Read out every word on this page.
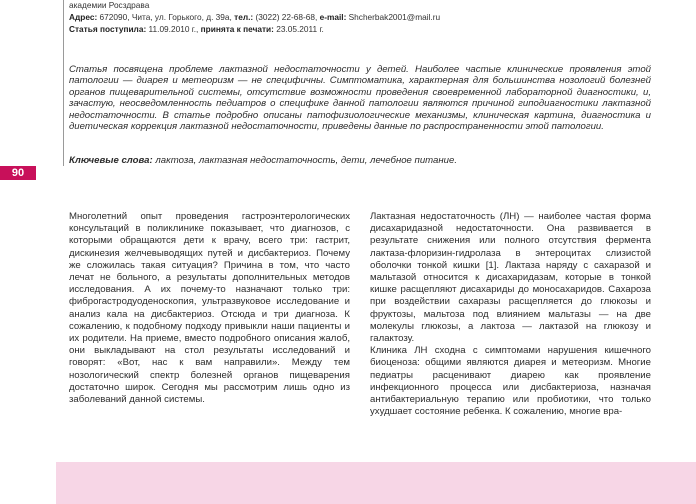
академии Росздрава
Адрес: 672090, Чита, ул. Горького, д. 39а, тел.: (3022) 22-68-68, e-mail: Shcherbak2001@mail.ru
Статья поступила: 11.09.2010 г., принята к печати: 23.05.2011 г.
90
Статья посвящена проблеме лактазной недостаточности у детей. Наиболее частые клинические проявления этой патологии — диарея и метеоризм — не специфичны. Симптоматика, характерная для большинства нозологий болезней органов пищеварительной системы, отсутствие возможности проведения своевременной лабораторной диагностики, и, зачастую, неосведомленность педиатров о специфике данной патологии являются причиной гиподиагностики лактазной недостаточности. В статье подробно описаны патофизиологические механизмы, клиническая картина, диагностика и диетическая коррекция лактазной недостаточности, приведены данные по распространенности этой патологии.
Ключевые слова: лактоза, лактазная недостаточность, дети, лечебное питание.

Многолетний опыт проведения гастроэнтерологических консультаций в поликлинике показывает, что диагнозов, с которыми обращаются дети к врачу, всего три: гастрит, дискинезия желчевыводящих путей и дисбактериоз. Почему же сложилась такая ситуация? Причина в том, что часто лечат не больного, а результаты дополнительных методов исследования. А их почему-то назначают только три: фиброгастродуоденоскопия, ультразвуковое исследование и анализ кала на дисбактериоз. Отсюда и три диагноза. К сожалению, к подобному подходу привыкли наши пациенты и их родители. На приеме, вместо подробного описания жалоб, они выкладывают на стол результаты исследований и говорят: «Вот, нас к вам направили». Между тем нозологический спектр болезней органов пищеварения достаточно широк. Сегодня мы рассмотрим лишь одно из заболеваний данной системы.

Лактазная недостаточность (ЛН) — наиболее частая форма дисахаридазной недостаточности. Она развивается в результате снижения или полного отсутствия фермента лактаза-флоризин-гидролаза в энтероцитах слизистой оболочки тонкой кишки [1]. Лактаза наряду с сахаразой и мальтазой относится к дисахаридазам, которые в тонкой кишке расщепляют дисахариды до моносахаридов. Сахароза при воздействии сахаразы расщепляется до глюкозы и фруктозы, мальтоза под влиянием мальтазы — на две молекулы глюкозы, а лактоза — лактазой на глюкозу и галактозу.

Клиника ЛН сходна с симптомами нарушения кишечного биоценоза: общими являются диарея и метеоризм. Многие педиатры расценивают диарею как проявление инфекционного процесса или дисбактериоза, назначая антибактериальную терапию или пробиотики, что только ухудшает состояние ребенка. К сожалению, многие вра-
